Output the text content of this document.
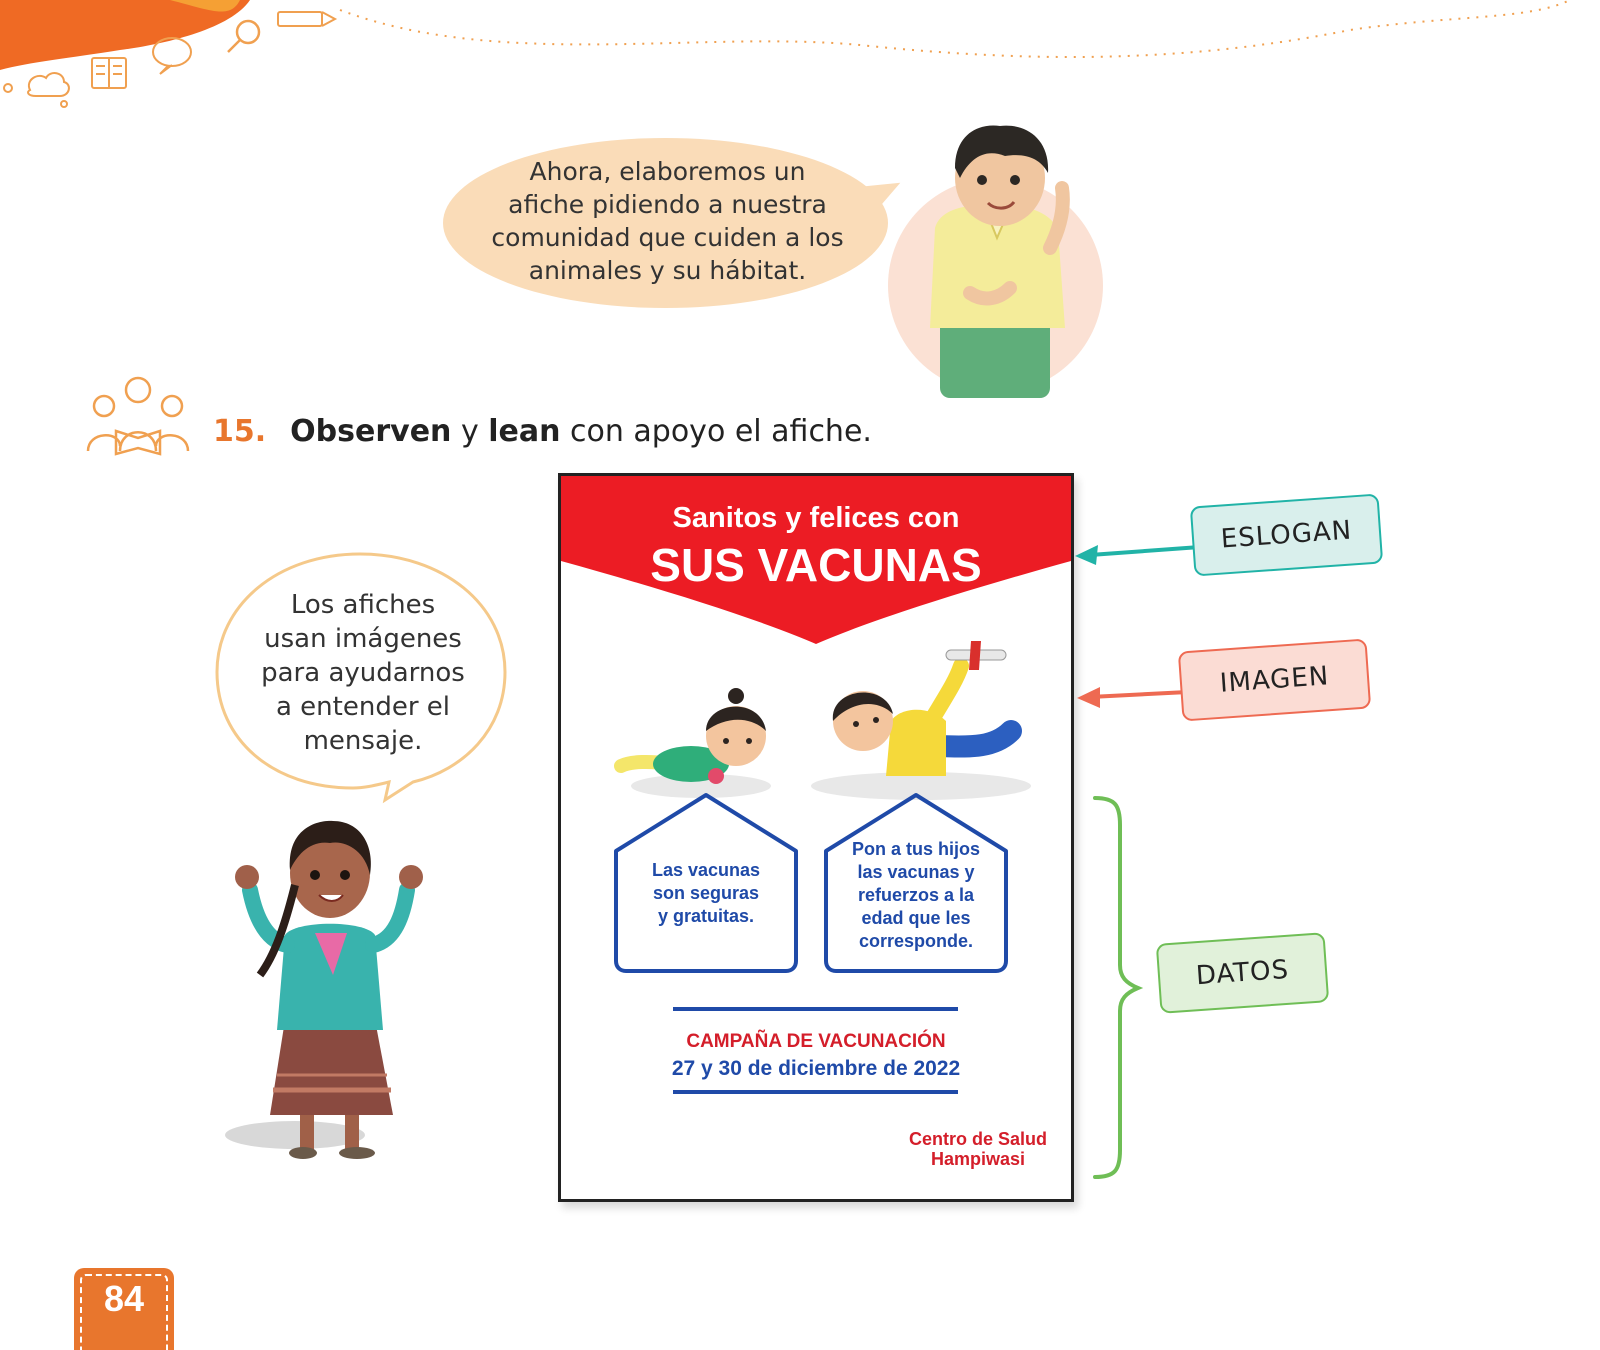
Ahora, elaboremos un
afiche pidiendo a nuestra
comunidad que cuiden a los
animales y su hábitat.
15. Observen y lean con apoyo el afiche.
Los afiches
usan imágenes
para ayudarnos
a entender el
mensaje.
Sanitos y felices con
SUS VACUNAS
Las vacunas
son seguras
y gratuitas.
Pon a tus hijos
las vacunas y
refuerzos a la
edad que les
corresponde.
CAMPAÑA DE VACUNACIÓN
27 y 30 de diciembre de 2022
Centro de Salud
Hampiwasi
ESLOGAN
IMAGEN
DATOS
84
